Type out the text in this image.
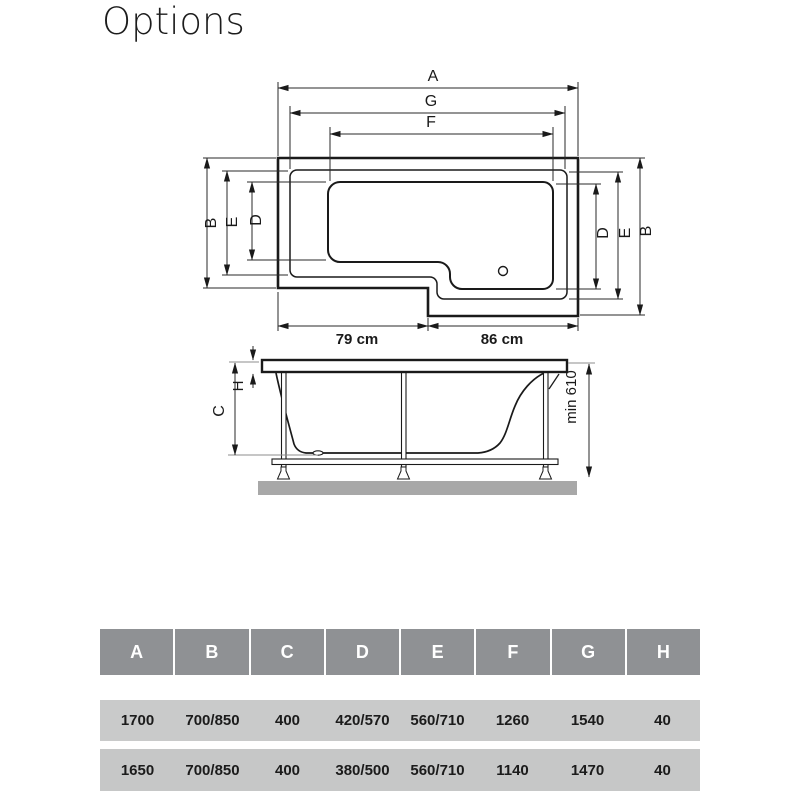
Options
A
G
F
B E D
D E B
79 cm	86 cm
C
H	min 610
A	B	C	D	E	F	G	H
1700	700/850	400	420/570	560/710	1260	1540	40
1650	700/850	400	380/500	560/710	1140	1470	40
